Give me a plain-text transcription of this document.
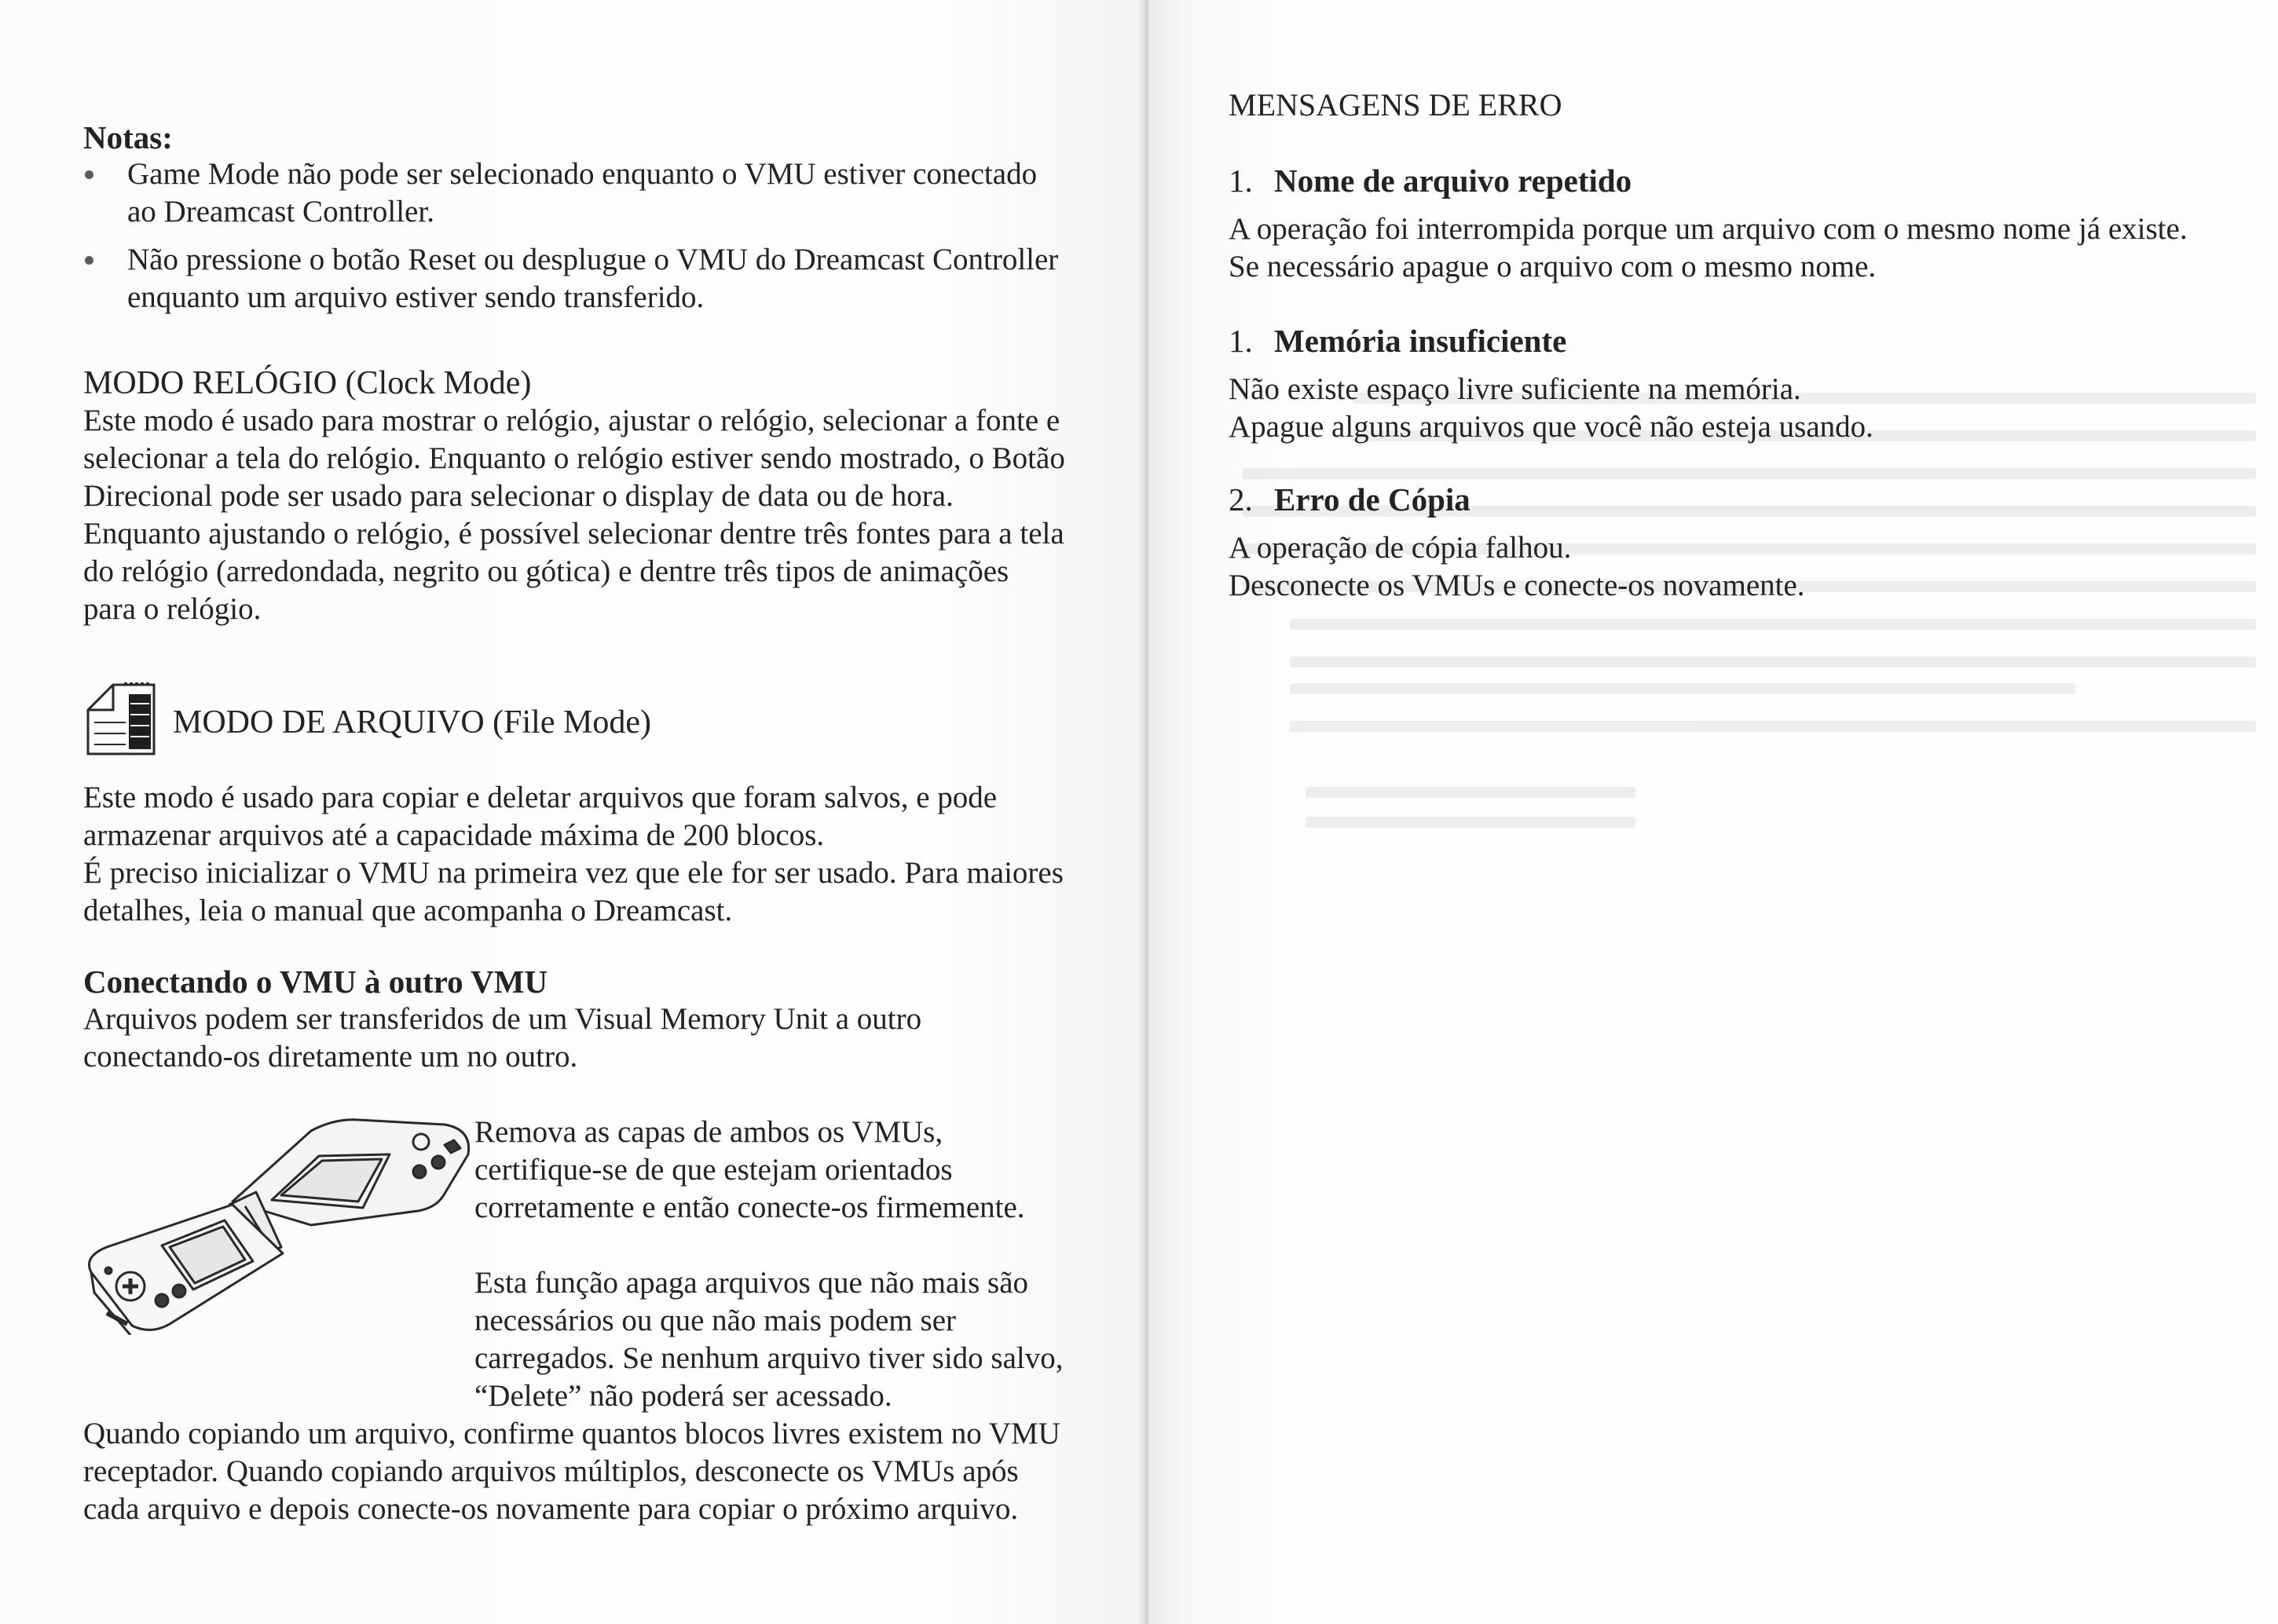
Notas:

Game Mode não pode ser selecionado enquanto o VMU estiver conectado

ao Dreamcast Controller.

Não pressione o botão Reset ou desplugue o VMU do Dreamcast Controller

enquanto um arquivo estiver sendo transferido.

MODO RELÓGIO (Clock Mode)

Este modo é usado para mostrar o relógio, ajustar o relógio, selecionar a fonte e

selecionar a tela do relógio. Enquanto o relógio estiver sendo mostrado, o Botão

Direcional pode ser usado para selecionar o display de data ou de hora.

Enquanto ajustando o relógio, é possível selecionar dentre três fontes para a tela

do relógio (arredondada, negrito ou gótica) e dentre três tipos de animações

para o relógio.

MODO DE ARQUIVO (File Mode)

Este modo é usado para copiar e deletar arquivos que foram salvos, e pode

armazenar arquivos até a capacidade máxima de 200 blocos.

É preciso inicializar o VMU na primeira vez que ele for ser usado. Para maiores

detalhes, leia o manual que acompanha o Dreamcast.

Conectando o VMU à outro VMU

Arquivos podem ser transferidos de um Visual Memory Unit a outro

conectando-os diretamente um no outro.

Remova as capas de ambos os VMUs,

certifique-se de que estejam orientados

corretamente e então conecte-os firmemente.

Esta função apaga arquivos que não mais são

necessários ou que não mais podem ser

carregados. Se nenhum arquivo tiver sido salvo,

“Delete” não poderá ser acessado.

Quando copiando um arquivo, confirme quantos blocos livres existem no VMU

receptador. Quando copiando arquivos múltiplos, desconecte os VMUs após

cada arquivo e depois conecte-os novamente para copiar o próximo arquivo.

MENSAGENS DE ERRO

1. Nome de arquivo repetido

A operação foi interrompida porque um arquivo com o mesmo nome já existe.

Se necessário apague o arquivo com o mesmo nome.

1. Memória insuficiente

Não existe espaço livre suficiente na memória.

Apague alguns arquivos que você não esteja usando.

2. Erro de Cópia

A operação de cópia falhou.

Desconecte os VMUs e conecte-os novamente.
